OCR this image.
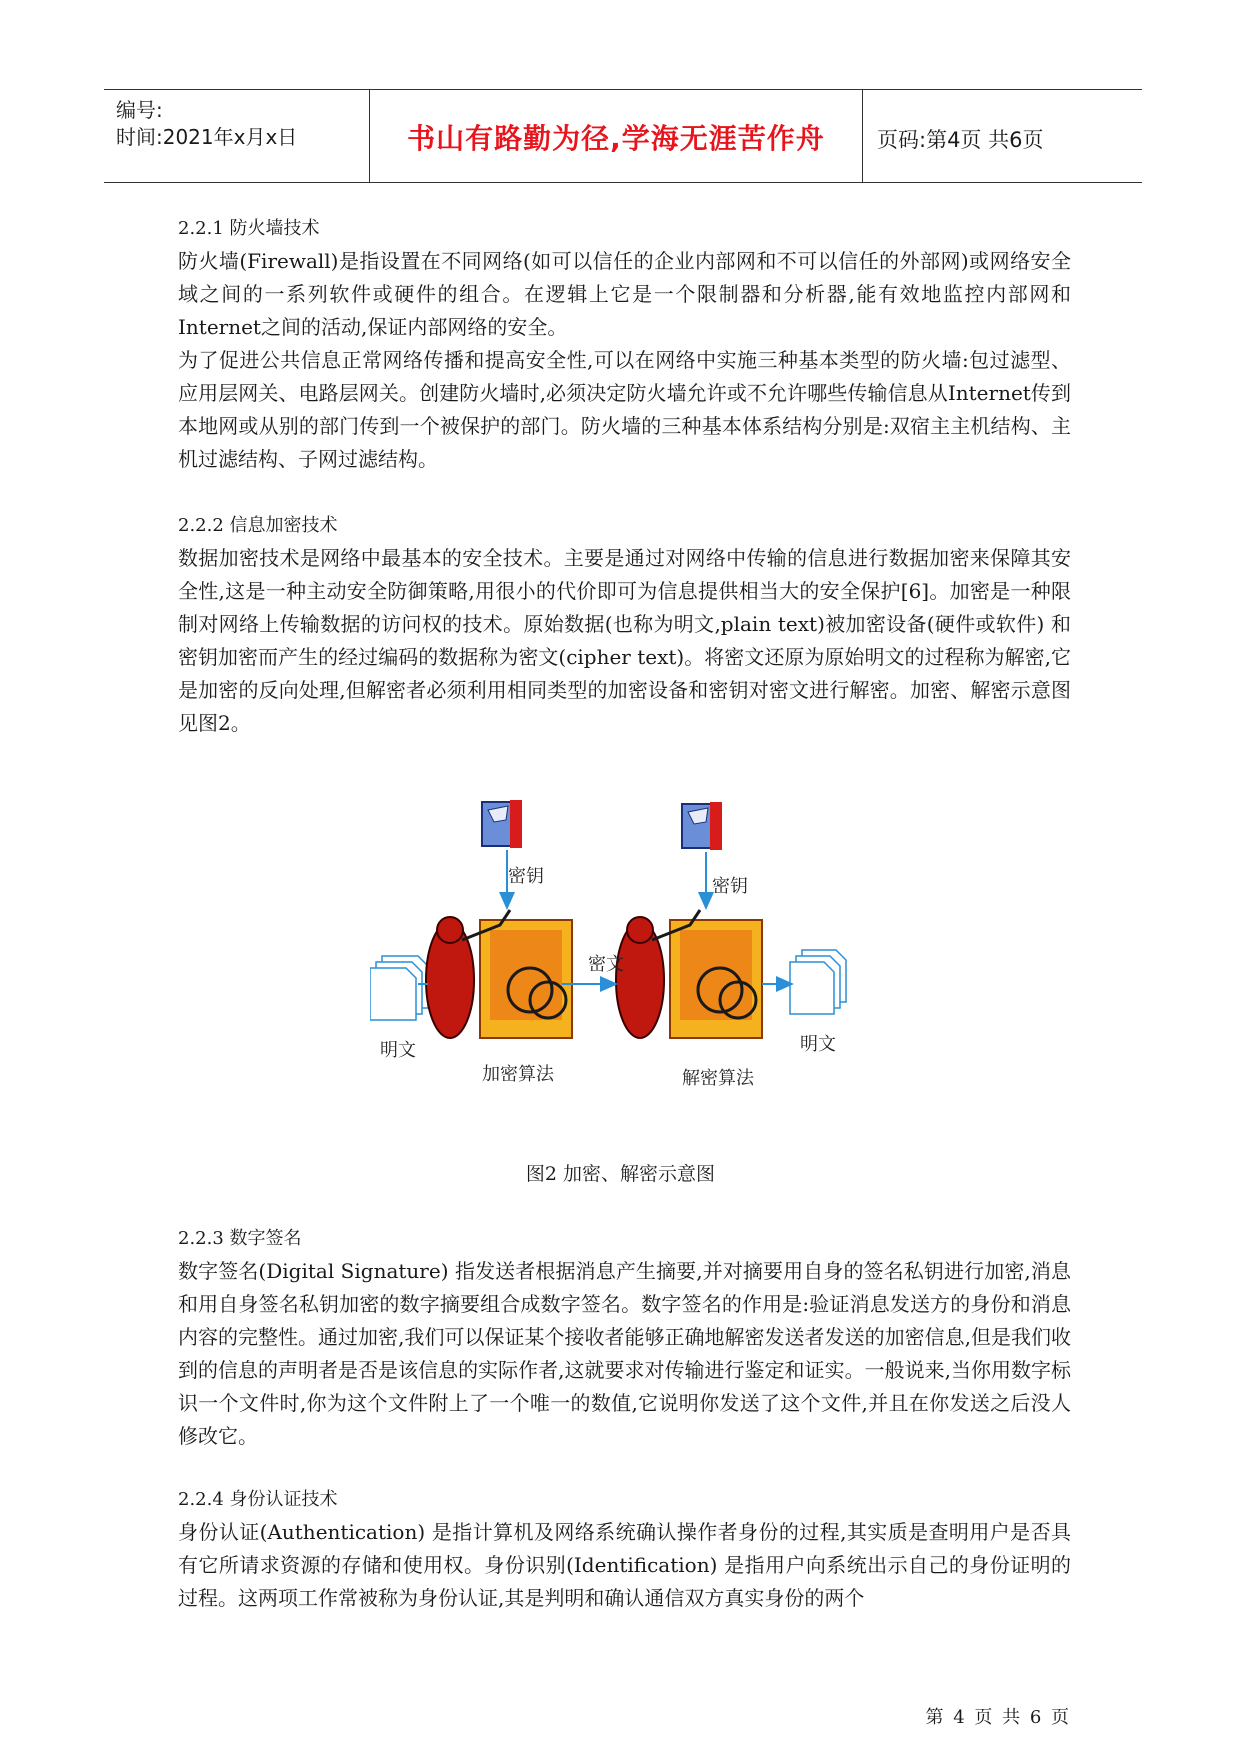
编号:
时间:2021年x月x日	书山有路勤为径,学海无涯苦作舟	页码:第4页 共6页
2.2.1 防火墙技术

防火墙(Firewall)是指设置在不同网络(如可以信任的企业内部网和不可以信任的外部网)或网络安全域之间的一系列软件或硬件的组合。在逻辑上它是一个限制器和分析器,能有效地监控内部网和Internet之间的活动,保证内部网络的安全。

为了促进公共信息正常网络传播和提高安全性,可以在网络中实施三种基本类型的防火墙:包过滤型、应用层网关、电路层网关。创建防火墙时,必须决定防火墙允许或不允许哪些传输信息从Internet传到本地网或从别的部门传到一个被保护的部门。防火墙的三种基本体系结构分别是:双宿主主机结构、主机过滤结构、子网过滤结构。

2.2.2 信息加密技术

数据加密技术是网络中最基本的安全技术。主要是通过对网络中传输的信息进行数据加密来保障其安全性,这是一种主动安全防御策略,用很小的代价即可为信息提供相当大的安全保护[6]。加密是一种限制对网络上传输数据的访问权的技术。原始数据(也称为明文,plain text)被加密设备(硬件或软件) 和密钥加密而产生的经过编码的数据称为密文(cipher text)。将密文还原为原始明文的过程称为解密,它是加密的反向处理,但解密者必须利用相同类型的加密设备和密钥对密文进行解密。加密、解密示意图见图2。

密钥	密钥
密文
明文	明文
加密算法	解密算法
图2 加密、解密示意图
2.2.3 数字签名

数字签名(Digital Signature) 指发送者根据消息产生摘要,并对摘要用自身的签名私钥进行加密,消息和用自身签名私钥加密的数字摘要组合成数字签名。数字签名的作用是:验证消息发送方的身份和消息内容的完整性。通过加密,我们可以保证某个接收者能够正确地解密发送者发送的加密信息,但是我们收到的信息的声明者是否是该信息的实际作者,这就要求对传输进行鉴定和证实。一般说来,当你用数字标识一个文件时,你为这个文件附上了一个唯一的数值,它说明你发送了这个文件,并且在你发送之后没人修改它。

2.2.4 身份认证技术

身份认证(Authentication) 是指计算机及网络系统确认操作者身份的过程,其实质是查明用户是否具有它所请求资源的存储和使用权。身份识别(Identification) 是指用户向系统出示自己的身份证明的过程。这两项工作常被称为身份认证,其是判明和确认通信双方真实身份的两个

第 4 页 共 6 页
